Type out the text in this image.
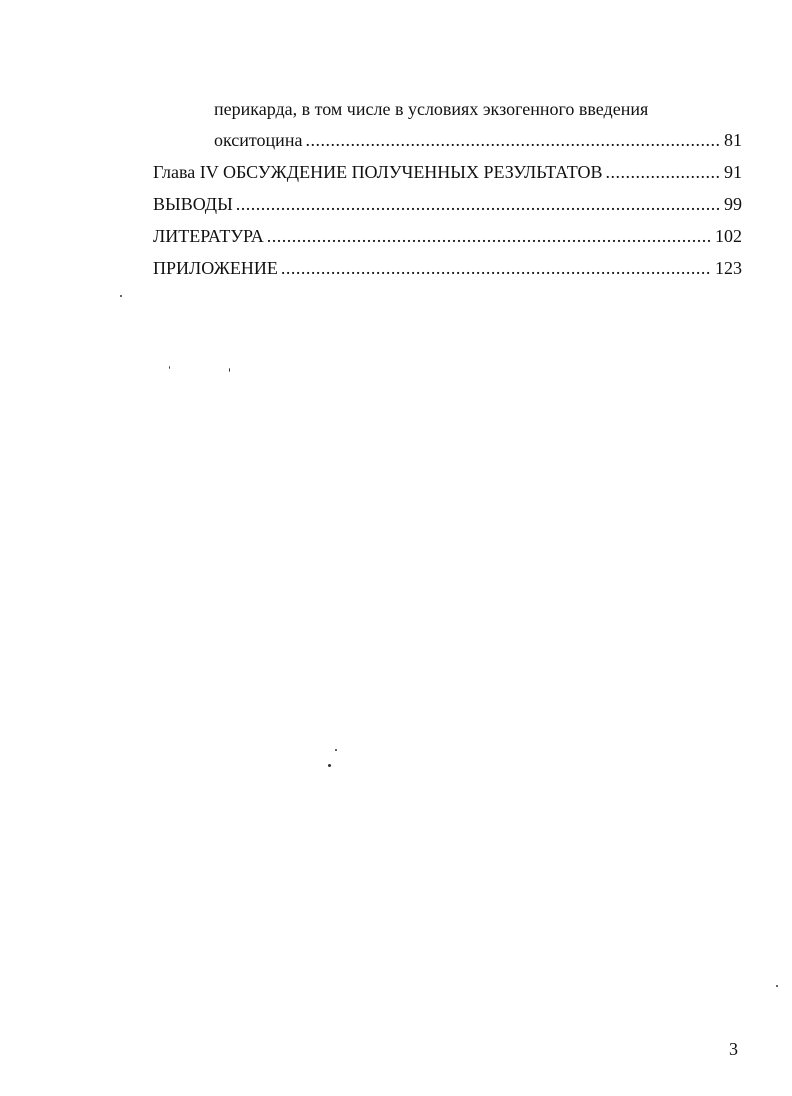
перикарда, в том числе в условиях экзогенного введения
окситоцина .....	81
Глава IV ОБСУЖДЕНИЕ ПОЛУЧЕННЫХ РЕЗУЛЬТАТОВ .....	91
ВЫВОДЫ .....	99
ЛИТЕРАТУРА .....	102
ПРИЛОЖЕНИЕ .....	123
3
